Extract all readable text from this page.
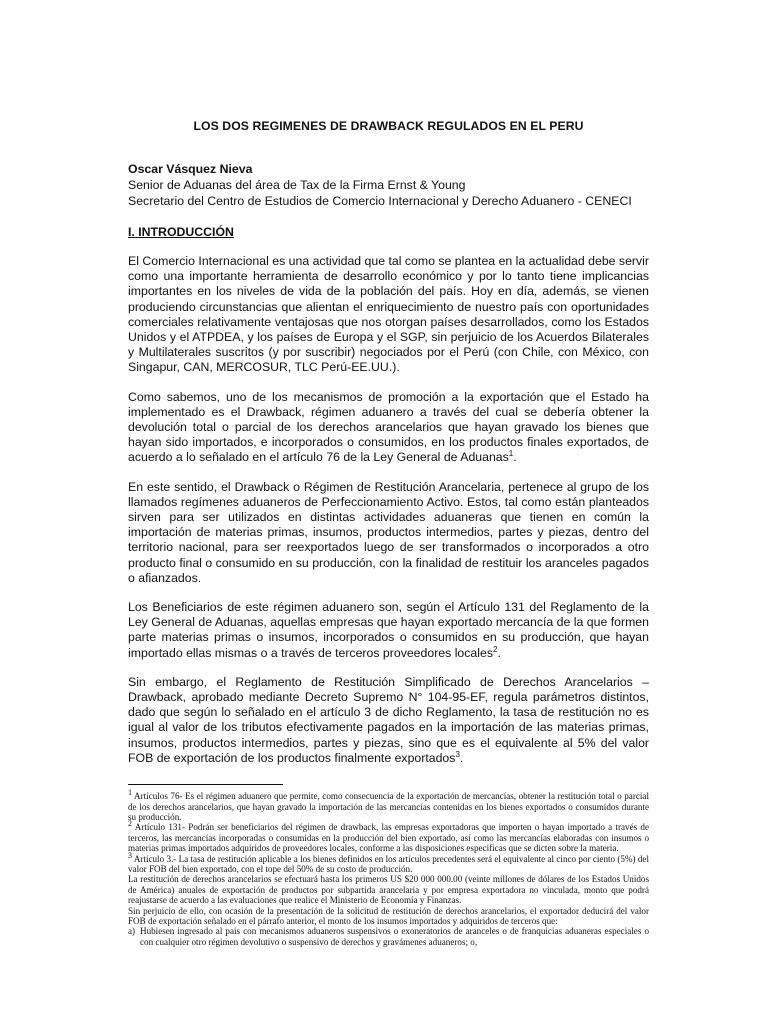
LOS DOS REGIMENES DE DRAWBACK REGULADOS EN EL PERU
Oscar Vásquez Nieva
Senior de Aduanas del área de Tax de la Firma Ernst & Young
Secretario del Centro de Estudios de Comercio Internacional y Derecho Aduanero - CENECI
I. INTRODUCCIÓN

El Comercio Internacional es una actividad que tal como se plantea en la actualidad debe servir como una importante herramienta de desarrollo económico y por lo tanto tiene implicancias importantes en los niveles de vida de la población del país. Hoy en día, además, se vienen produciendo circunstancias que alientan el enriquecimiento de nuestro país con oportunidades comerciales relativamente ventajosas que nos otorgan países desarrollados, como los Estados Unidos y el ATPDEA, y los países de Europa y el SGP, sin perjuicio de los Acuerdos Bilaterales y Multilaterales suscritos (y por suscribir) negociados por el Perú (con Chile, con México, con Singapur, CAN, MERCOSUR, TLC Perú-EE.UU.).

Como sabemos, uno de los mecanismos de promoción a la exportación que el Estado ha implementado es el Drawback, régimen aduanero a través del cual se debería obtener la devolución total o parcial de los derechos arancelarios que hayan gravado los bienes que hayan sido importados, e incorporados o consumidos, en los productos finales exportados, de acuerdo a lo señalado en el artículo 76 de la Ley General de Aduanas$^1$.

En este sentido, el Drawback o Régimen de Restitución Arancelaria, pertenece al grupo de los llamados regímenes aduaneros de Perfeccionamiento Activo. Estos, tal como están planteados sirven para ser utilizados en distintas actividades aduaneras que tienen en común la importación de materias primas, insumos, productos intermedios, partes y piezas, dentro del territorio nacional, para ser reexportados luego de ser transformados o incorporados a otro producto final o consumido en su producción, con la finalidad de restituir los aranceles pagados o afianzados.

Los Beneficiarios de este régimen aduanero son, según el Artículo 131 del Reglamento de la Ley General de Aduanas, aquellas empresas que hayan exportado mercancía de la que formen parte materias primas o insumos, incorporados o consumidos en su producción, que hayan importado ellas mismas o a través de terceros proveedores locales$^2$.

Sin embargo, el Reglamento de Restitución Simplificado de Derechos Arancelarios – Drawback, aprobado mediante Decreto Supremo N° 104-95-EF, regula parámetros distintos, dado que según lo señalado en el artículo 3 de dicho Reglamento, la tasa de restitución no es igual al valor de los tributos efectivamente pagados en la importación de las materias primas, insumos, productos intermedios, partes y piezas, sino que es el equivalente al 5% del valor FOB de exportación de los productos finalmente exportados$^3$.

$^1$ Artículos 76- Es el régimen aduanero que permite, como consecuencia de la exportación de mercancías, obtener la restitución total o parcial de los derechos arancelarios, que hayan gravado la importación de las mercancías contenidas en los bienes exportados o consumidos durante su producción.

$^2$ Artículo 131- Podrán ser beneficiarios del régimen de drawback, las empresas exportadoras que importen o hayan importado a través de terceros, las mercancías incorporadas o consumidas en la producción del bien exportado, así como las mercancías elaboradas con insumos o materias primas importados adquiridos de proveedores locales, conforme a las disposiciones especificas que se dicten sobre la materia.

$^3$ Artículo 3.- La tasa de restitución aplicable a los bienes definidos en los artículos precedentes será el equivalente al cinco por ciento (5%) del valor FOB del bien exportado, con el tope del 50% de su costo de producción.

La restitución de derechos arancelarios se efectuará hasta los primeros US $20 000 000.00 (veinte millones de dólares de los Estados Unidos de América) anuales de exportación de productos por subpartida arancelaria y por empresa exportadora no vinculada, monto que podrá reajustarse de acuerdo a las evaluaciones que realice el Ministerio de Economía y Finanzas.

Sin perjuicio de ello, con ocasión de la presentación de la solicitud de restitución de derechos arancelarios, el exportador deducirá del valor FOB de exportación señalado en el párrafo anterior, el monto de los insumos importados y adquiridos de terceros que:

a) Hubiesen ingresado al país con mecanismos aduaneros suspensivos o exoneratorios de aranceles o de franquicias aduaneras especiales o con cualquier otro régimen devolutivo o suspensivo de derechos y gravámenes aduaneros; o,
